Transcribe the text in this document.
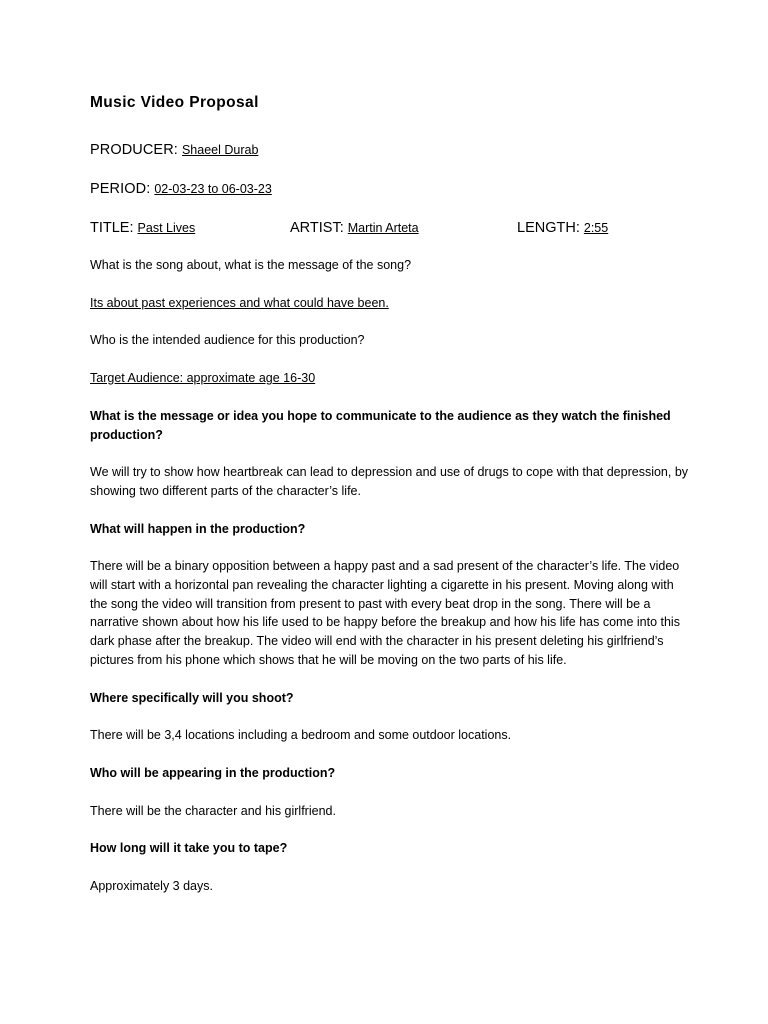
Music Video Proposal
PRODUCER: Shaeel Durab
PERIOD: 02-03-23 to 06-03-23
TITLE: Past Lives	ARTIST: Martin Arteta	LENGTH: 2:55

What is the song about, what is the message of the song?

Its about past experiences and what could have been.

Who is the intended audience for this production?

Target Audience: approximate age 16-30

What is the message or idea you hope to communicate to the audience as they watch the finished production?

We will try to show how heartbreak can lead to depression and use of drugs to cope with that depression, by showing two different parts of the character’s life.

What will happen in the production?

There will be a binary opposition between a happy past and a sad present of the character’s life. The video will start with a horizontal pan revealing the character lighting a cigarette in his present. Moving along with the song the video will transition from present to past with every beat drop in the song. There will be a narrative shown about how his life used to be happy before the breakup and how his life has come into this dark phase after the breakup. The video will end with the character in his present deleting his girlfriend’s pictures from his phone which shows that he will be moving on the two parts of his life.

Where specifically will you shoot?

There will be 3,4 locations including a bedroom and some outdoor locations.

Who will be appearing in the production?

There will be the character and his girlfriend.

How long will it take you to tape?

Approximately 3 days.
